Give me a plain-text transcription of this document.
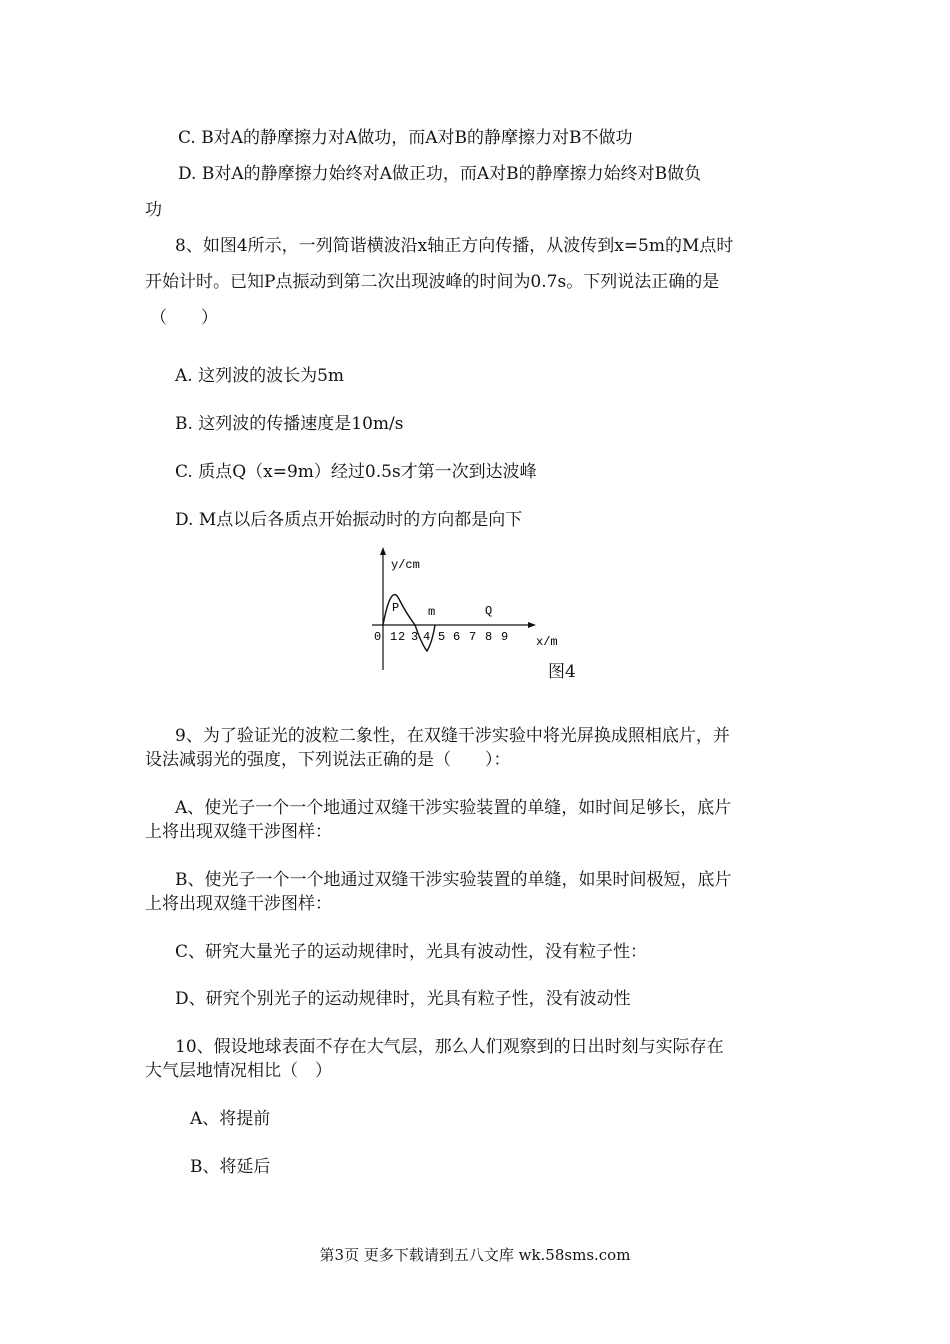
C. B对A的静摩擦力对A做功，而A对B的静摩擦力对B不做功
D. B对A的静摩擦力始终对A做正功，而A对B的静摩擦力始终对B做负
功
8、如图4所示，一列简谐横波沿x轴正方向传播，从波传到x=5m的M点时
开始计时。已知P点振动到第二次出现波峰的时间为0.7s。下列说法正确的是
（　　）
A. 这列波的波长为5m
B. 这列波的传播速度是10m/s
C. 质点Q（x=9m）经过0.5s才第一次到达波峰
D. M点以后各质点开始振动时的方向都是向下
y/cm
x/m
P m	Q
0 1 2 3 4 5 6 7 8 9
图4
9、为了验证光的波粒二象性，在双缝干涉实验中将光屏换成照相底片，并
设法减弱光的强度，下列说法正确的是（　　）：
A、使光子一个一个地通过双缝干涉实验装置的单缝，如时间足够长，底片
上将出现双缝干涉图样：
B、使光子一个一个地通过双缝干涉实验装置的单缝，如果时间极短，底片
上将出现双缝干涉图样：
C、研究大量光子的运动规律时，光具有波动性，没有粒子性：
D、研究个别光子的运动规律时，光具有粒子性，没有波动性
10、假设地球表面不存在大气层，那么人们观察到的日出时刻与实际存在
大气层地情况相比（　）
A、将提前
B、将延后
第3页 更多下载请到五八文库 wk.58sms.com
